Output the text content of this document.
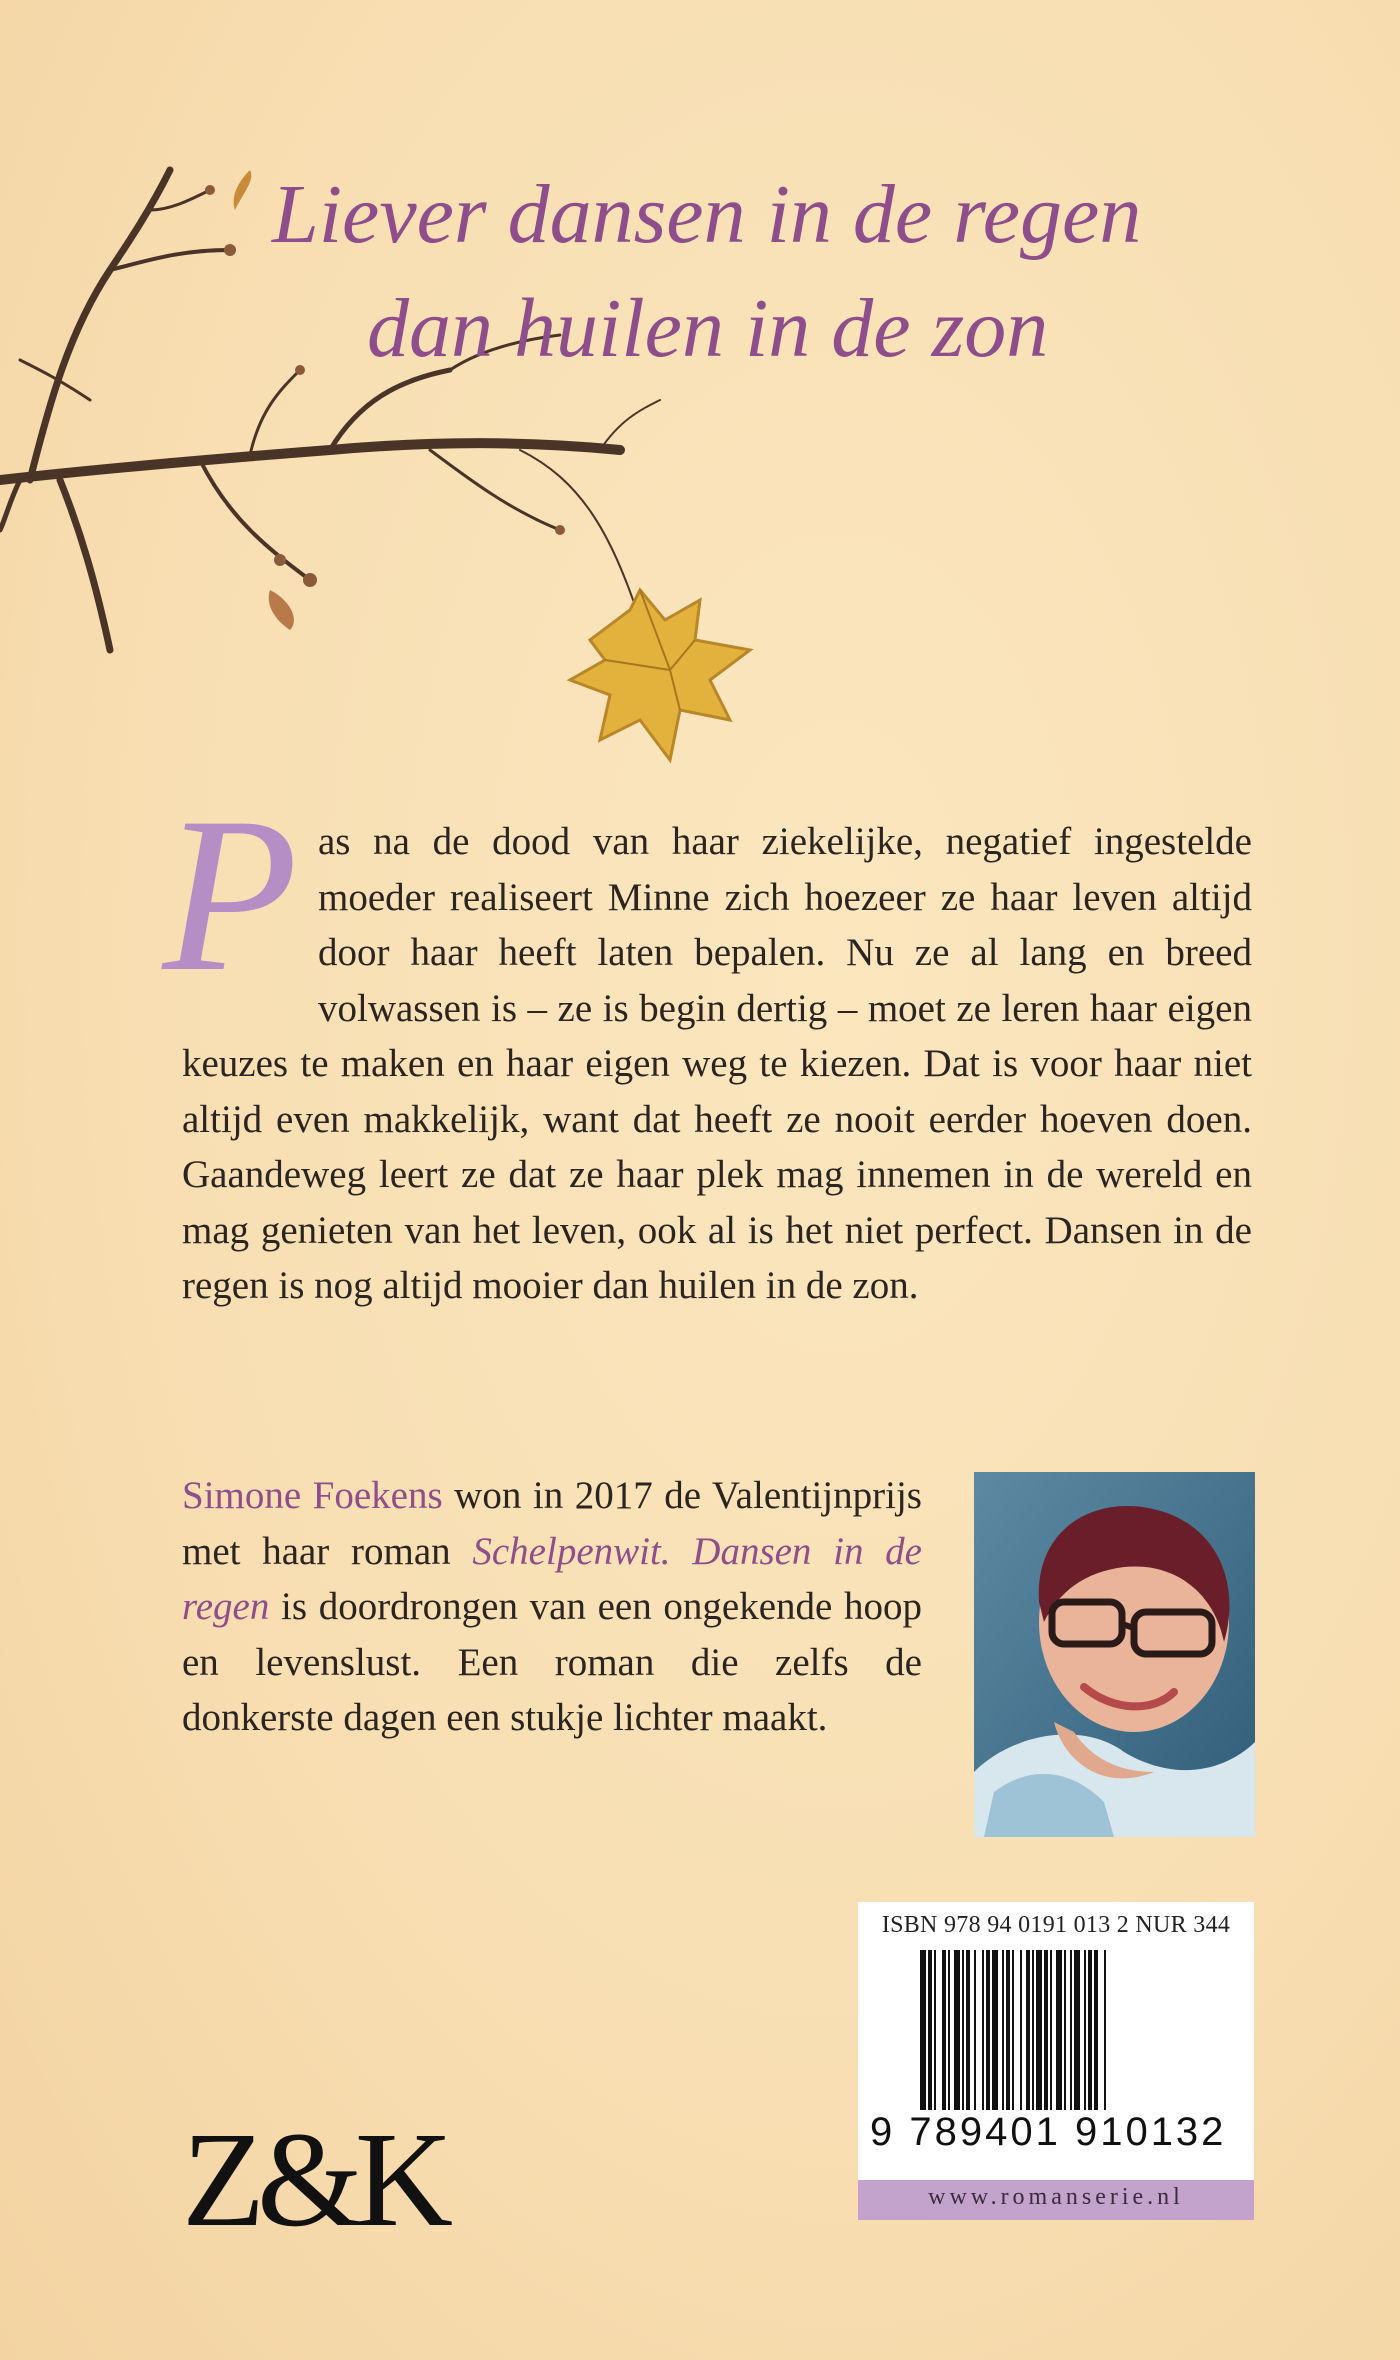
Liever dansen in de regen
dan huilen in de zon
P as na de dood van haar ziekelijke, negatief ingestelde moeder realiseert Minne zich hoezeer ze haar leven altijd door haar heeft laten bepalen. Nu ze al lang en breed volwassen is – ze is begin dertig – moet ze leren haar eigen keuzes te maken en haar eigen weg te kiezen. Dat is voor haar niet altijd even makkelijk, want dat heeft ze nooit eerder hoeven doen. Gaandeweg leert ze dat ze haar plek mag innemen in de wereld en mag genieten van het leven, ook al is het niet perfect. Dansen in de regen is nog altijd mooier dan huilen in de zon.
Simone Foekens won in 2017 de Valentijnprijs met haar roman Schelpenwit. Dansen in de regen is doordrongen van een ongekende hoop en levenslust. Een roman die zelfs de donkerste dagen een stukje lichter maakt.
ISBN 978 94 0191 013 2 NUR 344
9 789401 910132
www.romanserie.nl
Z&K
